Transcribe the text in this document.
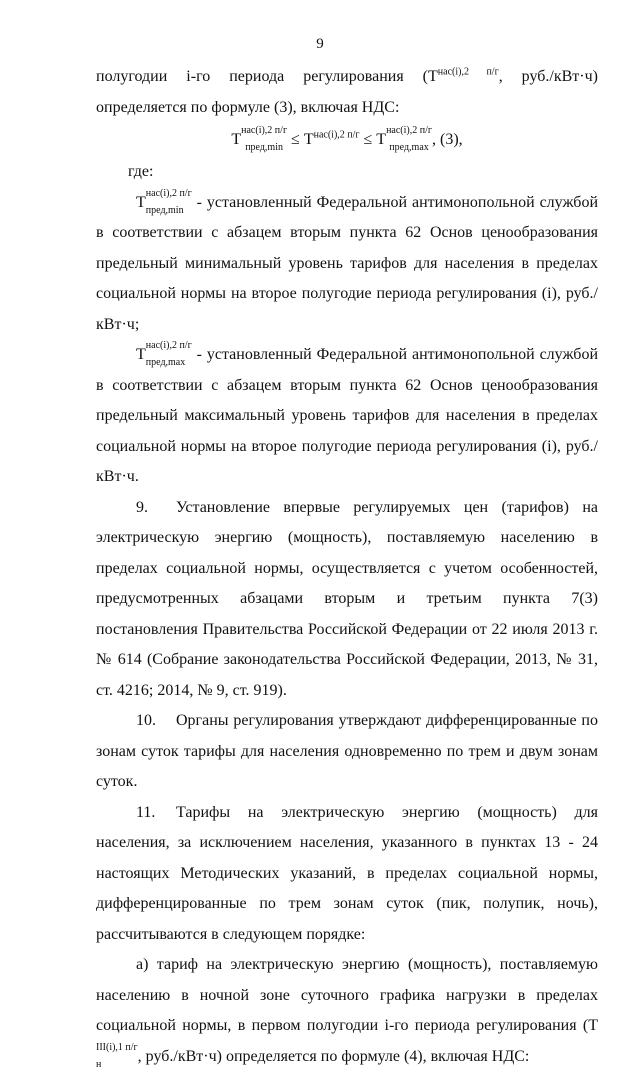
9

полугодии i-го периода регулирования ($Т^{нас(i),2 п/г}$, руб./кВт·ч) определяется по формуле (3), включая НДС:

Т
нас(i),2 п/г
пред,min ≤ $Т^{нас(i),2 п/г} \le Т$
нас(i),2 п/г
пред,max , (3),

где:

Т
нас(i),2 п/г
пред,min - установленный Федеральной антимонопольной службой в соответствии с абзацем вторым пункта 62 Основ ценообразования предельный минимальный уровень тарифов для населения в пределах социальной нормы на второе полугодие периода регулирования (i), руб./кВт·ч;

Т
нас(i),2 п/г
пред,max - установленный Федеральной антимонопольной службой в соответствии с абзацем вторым пункта 62 Основ ценообразования предельный максимальный уровень тарифов для населения в пределах социальной нормы на второе полугодие периода регулирования (i), руб./кВт·ч.

9. Установление впервые регулируемых цен (тарифов) на электрическую энергию (мощность), поставляемую населению в пределах социальной нормы, осуществляется с учетом особенностей, предусмотренных абзацами вторым и третьим пункта 7(3) постановления Правительства Российской Федерации от 22 июля 2013 г. № 614 (Собрание законодательства Российской Федерации, 2013, № 31, ст. 4216; 2014, № 9, ст. 919).

10. Органы регулирования утверждают дифференцированные по зонам суток тарифы для населения одновременно по трем и двум зонам суток.

11. Тарифы на электрическую энергию (мощность) для населения, за исключением населения, указанного в пунктах 13 - 24 настоящих Методических указаний, в пределах социальной нормы, дифференцированные по трем зонам суток (пик, полупик, ночь), рассчитываются в следующем порядке:

а) тариф на электрическую энергию (мощность), поставляемую населению в ночной зоне суточного графика нагрузки в пределах социальной нормы, в первом полугодии i-го периода регулирования (Т
III(i),1 п/г
н	, руб./кВт·ч) определяется по формуле (4), включая НДС:
